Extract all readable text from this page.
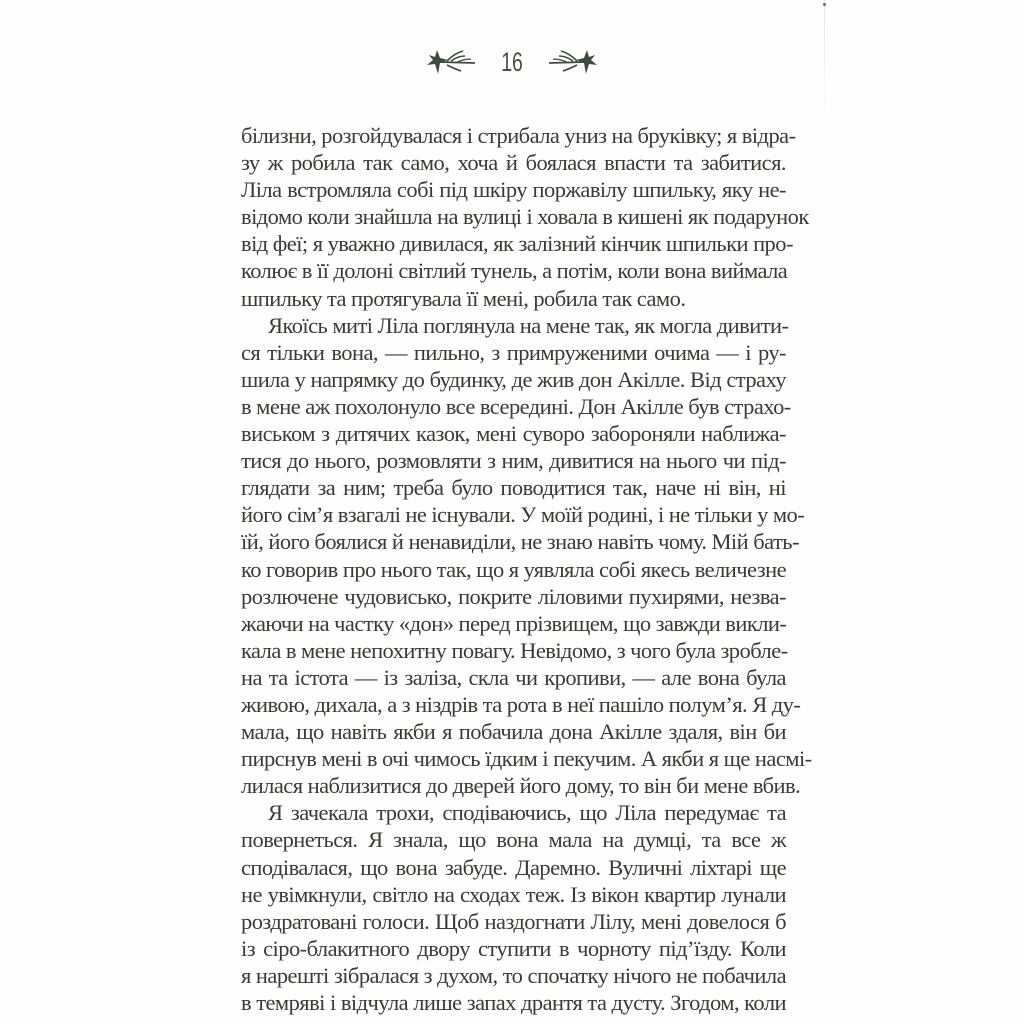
16
білизни, розгойдувалася і стрибала униз на бруківку; я відра-
зу ж робила так само, хоча й боялася впасти та забитися.
Ліла встромляла собі під шкіру поржавілу шпильку, яку не-
відомо коли знайшла на вулиці і ховала в кишені як подарунок
від феї; я уважно дивилася, як залізний кінчик шпильки про-
колює в її долоні світлий тунель, а потім, коли вона виймала
шпильку та протягувала її мені, робила так само.
Якоїсь миті Ліла поглянула на мене так, як могла дивити-
ся тільки вона, — пильно, з примруженими очима — і ру-
шила у напрямку до будинку, де жив дон Акілле. Від страху
в мене аж похолонуло все всередині. Дон Акілле був страхо-
виськом з дитячих казок, мені суворо забороняли наближа-
тися до нього, розмовляти з ним, дивитися на нього чи під-
глядати за ним; треба було поводитися так, наче ні він, ні
його сім’я взагалі не існували. У моїй родині, і не тільки у мо-
їй, його боялися й ненавиділи, не знаю навіть чому. Мій бать-
ко говорив про нього так, що я уявляла собі якесь величезне
розлючене чудовисько, покрите ліловими пухирями, незва-
жаючи на частку «дон» перед прізвищем, що завжди викли-
кала в мене непохитну повагу. Невідомо, з чого була зробле-
на та істота — із заліза, скла чи кропиви, — але вона була
живою, дихала, а з ніздрів та рота в неї пашіло полум’я. Я ду-
мала, що навіть якби я побачила дона Акілле здаля, він би
пирснув мені в очі чимось їдким і пекучим. А якби я ще насмі-
лилася наблизитися до дверей його дому, то він би мене вбив.
Я зачекала трохи, сподіваючись, що Ліла передумає та
повернеться. Я знала, що вона мала на думці, та все ж
сподівалася, що вона забуде. Даремно. Вуличні ліхтарі ще
не увімкнули, світло на сходах теж. Із вікон квартир лунали
роздратовані голоси. Щоб наздогнати Лілу, мені довелося б
із сіро-блакитного двору ступити в чорноту під’їзду. Коли
я нарешті зібралася з духом, то спочатку нічого не побачила
в темряві і відчула лише запах дрантя та дусту. Згодом, коли
